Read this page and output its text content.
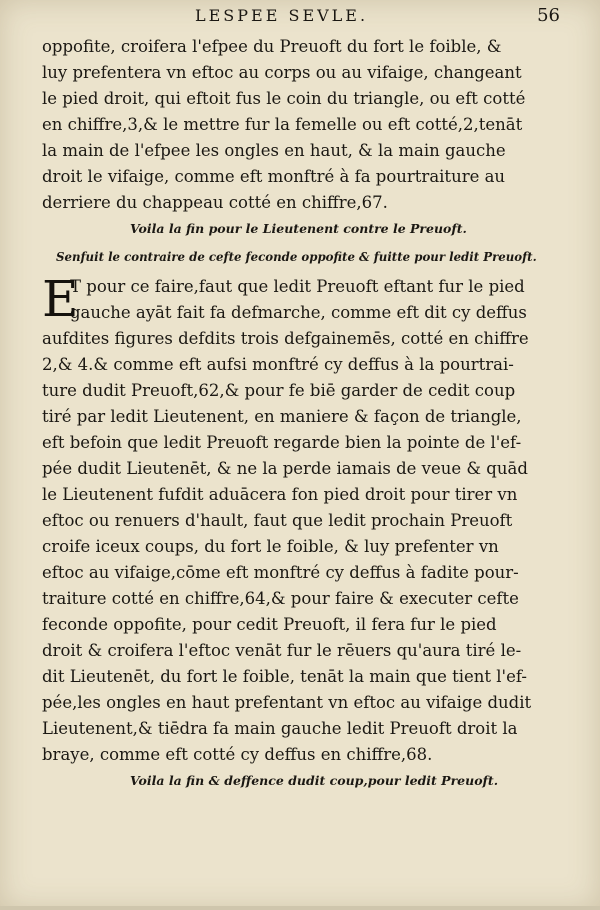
LESPEE SEVLE.	56
oppofite, croifera l'efpee du Preuoft du fort le foible, &
luy prefentera vn eftoc au corps ou au vifaige, changeant
le pied droit, qui eftoit fus le coin du triangle, ou eft cotté
en chiffre,3,& le mettre fur la femelle ou eft cotté,2,tenāt
la main de l'efpee les ongles en haut, & la main gauche
droit le vifaige, comme eft monftré à fa pourtraiture au
derriere du chappeau cotté en chiffre,67.
Voila la fin pour le Lieutenent contre le Preuoft.
Senfuit le contraire de cefte feconde oppofite & fuitte pour ledit Preuoft.
E
T pour ce faire,faut que ledit Preuoft eftant fur le pied
gauche ayāt fait fa defmarche, comme eft dit cy deffus
aufdites figures defdits trois defgainemēs, cotté en chiffre
2,& 4.& comme eft aufsi monftré cy deffus à la pourtrai-
ture dudit Preuoft,62,& pour fe biē garder de cedit coup
tiré par ledit Lieutenent, en maniere & façon de triangle,
eft befoin que ledit Preuoft regarde bien la pointe de l'ef-
pée dudit Lieutenēt, & ne la perde iamais de veue & quād
le Lieutenent fufdit aduācera fon pied droit pour tirer vn
eftoc ou renuers d'hault, faut que ledit prochain Preuoft
croife iceux coups, du fort le foible, & luy prefenter vn
eftoc au vifaige,cōme eft monftré cy deffus à fadite pour-
traiture cotté en chiffre,64,& pour faire & executer cefte
feconde oppofite, pour cedit Preuoft, il fera fur le pied
droit & croifera l'eftoc venāt fur le rēuers qu'aura tiré le-
dit Lieutenēt, du fort le foible, tenāt la main que tient l'ef-
pée,les ongles en haut prefentant vn eftoc au vifaige dudit
Lieutenent,& tiēdra fa main gauche ledit Preuoft droit la
braye, comme eft cotté cy deffus en chiffre,68.
Voila la fin & deffence dudit coup,pour ledit Preuoft.
